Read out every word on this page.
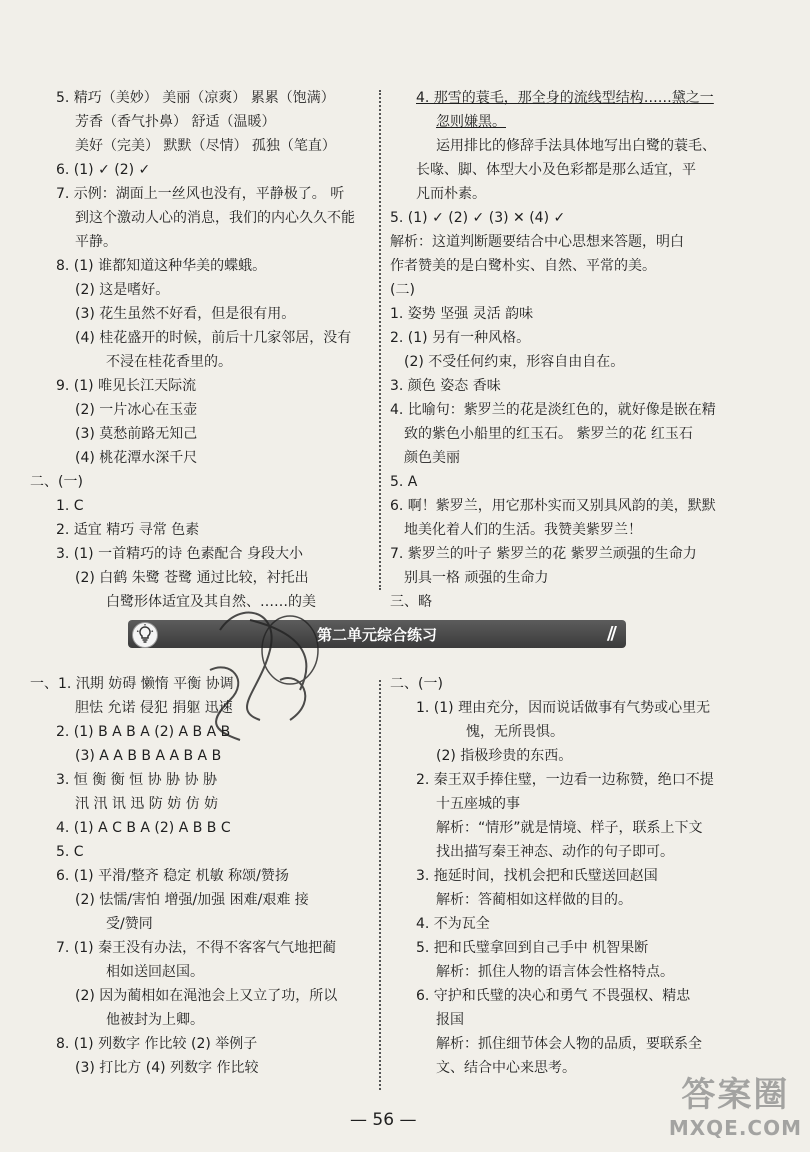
5. 精巧（美妙） 美丽（凉爽） 累累（饱满）
芳香（香气扑鼻） 舒适（温暖）
美好（完美） 默默（尽情） 孤独（笔直）
6. (1) ✓ (2) ✓
7. 示例：湖面上一丝风也没有，平静极了。 听
到这个激动人心的消息，我们的内心久久不能
平静。
8. (1) 谁都知道这种华美的蝶蛾。
(2) 这是嗜好。
(3) 花生虽然不好看，但是很有用。
(4) 桂花盛开的时候，前后十几家邻居，没有
不浸在桂花香里的。
9. (1) 唯见长江天际流
(2) 一片冰心在玉壶
(3) 莫愁前路无知己
(4) 桃花潭水深千尺
二、(一)
1. C
2. 适宜 精巧 寻常 色素
3. (1) 一首精巧的诗 色素配合 身段大小
(2) 白鹤 朱鹭 苍鹭 通过比较，衬托出
白鹭形体适宜及其自然、……的美
4. 那雪的蓑毛，那全身的流线型结构……黛之一
忽则嫌黑。
运用排比的修辞手法具体地写出白鹭的蓑毛、
长喙、脚、体型大小及色彩都是那么适宜，平
凡而朴素。
5. (1) ✓ (2) ✓ (3) ✕ (4) ✓
解析：这道判断题要结合中心思想来答题，明白
作者赞美的是白鹭朴实、自然、平常的美。
(二)
1. 姿势 坚强 灵活 韵味
2. (1) 另有一种风格。
(2) 不受任何约束，形容自由自在。
3. 颜色 姿态 香味
4. 比喻句：紫罗兰的花是淡红色的，就好像是嵌在精
致的紫色小船里的红玉石。 紫罗兰的花 红玉石
颜色美丽
5. A
6. 啊！紫罗兰，用它那朴实而又别具风韵的美，默默
地美化着人们的生活。我赞美紫罗兰！
7. 紫罗兰的叶子 紫罗兰的花 紫罗兰顽强的生命力
别具一格 顽强的生命力
三、略
第二单元综合练习	//
一、1. 汛期 妨碍 懒惰 平衡 协调
胆怯 允诺 侵犯 捐躯 迅速
2. (1) B A B A (2) A B A B
(3) A A B B A A B A B
3. 恒 衡 衡 恒 协 胁 协 胁
汛 汛 讯 迅 防 妨 仿 妨
4. (1) A C B A (2) A B B C
5. C
6. (1) 平滑/整齐 稳定 机敏 称颂/赞扬
(2) 怯懦/害怕 增强/加强 困难/艰难 接
受/赞同
7. (1) 秦王没有办法，不得不客客气气地把蔺
相如送回赵国。
(2) 因为蔺相如在渑池会上又立了功，所以
他被封为上卿。
8. (1) 列数字 作比较 (2) 举例子
(3) 打比方 (4) 列数字 作比较
二、(一)
1. (1) 理由充分，因而说话做事有气势或心里无
愧，无所畏惧。
(2) 指极珍贵的东西。
2. 秦王双手捧住璧，一边看一边称赞，绝口不提
十五座城的事
解析：“情形”就是情境、样子，联系上下文
找出描写秦王神态、动作的句子即可。
3. 拖延时间，找机会把和氏璧送回赵国
解析：答蔺相如这样做的目的。
4. 不为瓦全
5. 把和氏璧拿回到自己手中 机智果断
解析：抓住人物的语言体会性格特点。
6. 守护和氏璧的决心和勇气 不畏强权、精忠
报国
解析：抓住细节体会人物的品质，要联系全
文、结合中心来思考。
— 56 —
答案圈
MXQE.COM
